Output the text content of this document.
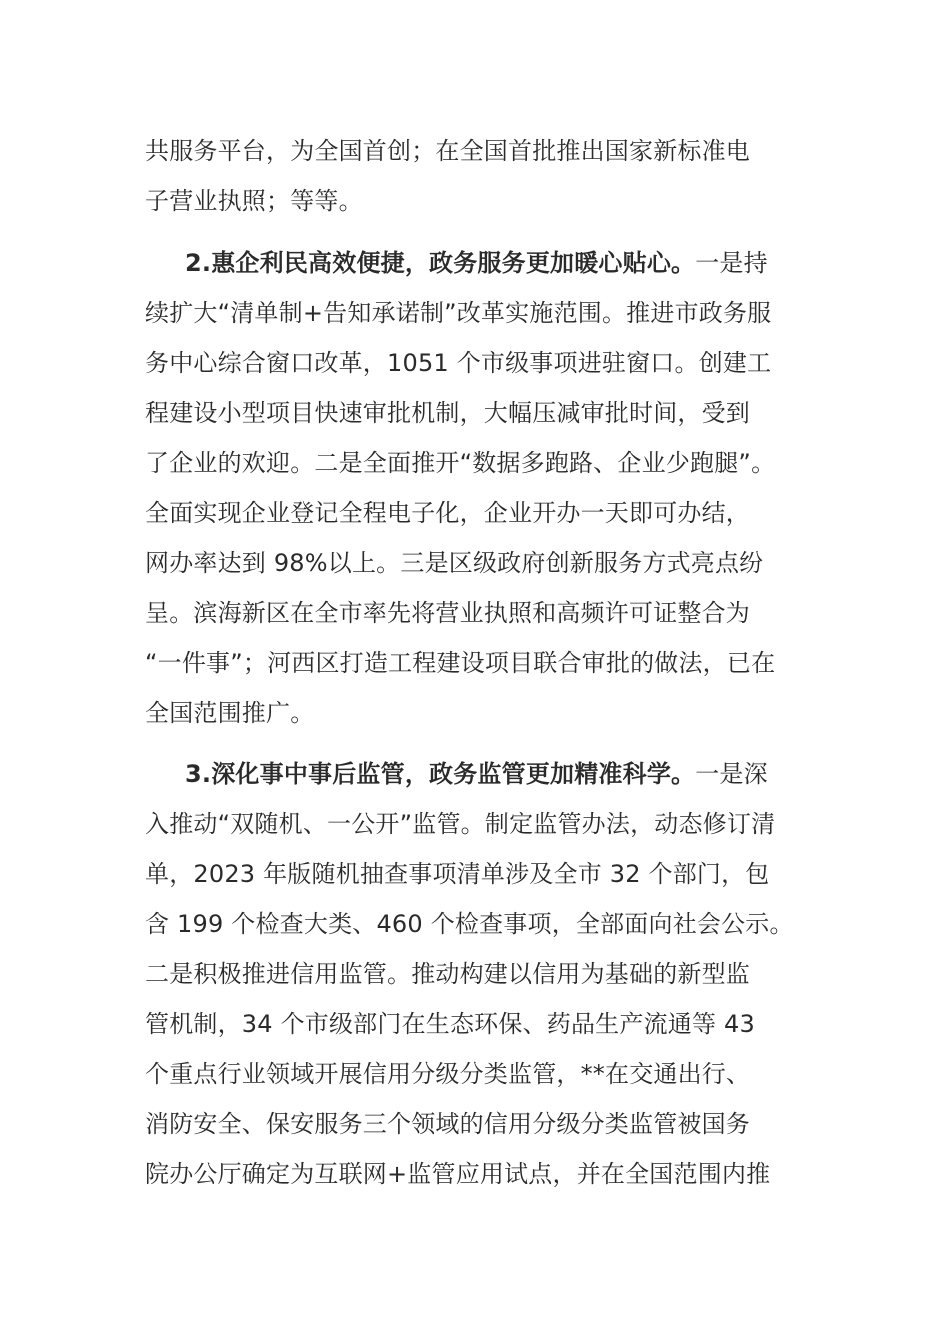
共服务平台，为全国首创；在全国首批推出国家新标准电
子营业执照；等等。
2.惠企利民高效便捷，政务服务更加暖心贴心。一是持
续扩大“清单制+告知承诺制”改革实施范围。推进市政务服
务中心综合窗口改革，1051 个市级事项进驻窗口。创建工
程建设小型项目快速审批机制，大幅压减审批时间，受到
了企业的欢迎。二是全面推开“数据多跑路、企业少跑腿”。
全面实现企业登记全程电子化，企业开办一天即可办结，
网办率达到 98%以上。三是区级政府创新服务方式亮点纷
呈。滨海新区在全市率先将营业执照和高频许可证整合为
“一件事”；河西区打造工程建设项目联合审批的做法，已在
全国范围推广。
3.深化事中事后监管，政务监管更加精准科学。一是深
入推动“双随机、一公开”监管。制定监管办法，动态修订清
单，2023 年版随机抽查事项清单涉及全市 32 个部门，包
含 199 个检查大类、460 个检查事项，全部面向社会公示。
二是积极推进信用监管。推动构建以信用为基础的新型监
管机制，34 个市级部门在生态环保、药品生产流通等 43
个重点行业领域开展信用分级分类监管，**在交通出行、
消防安全、保安服务三个领域的信用分级分类监管被国务
院办公厅确定为互联网+监管应用试点，并在全国范围内推
